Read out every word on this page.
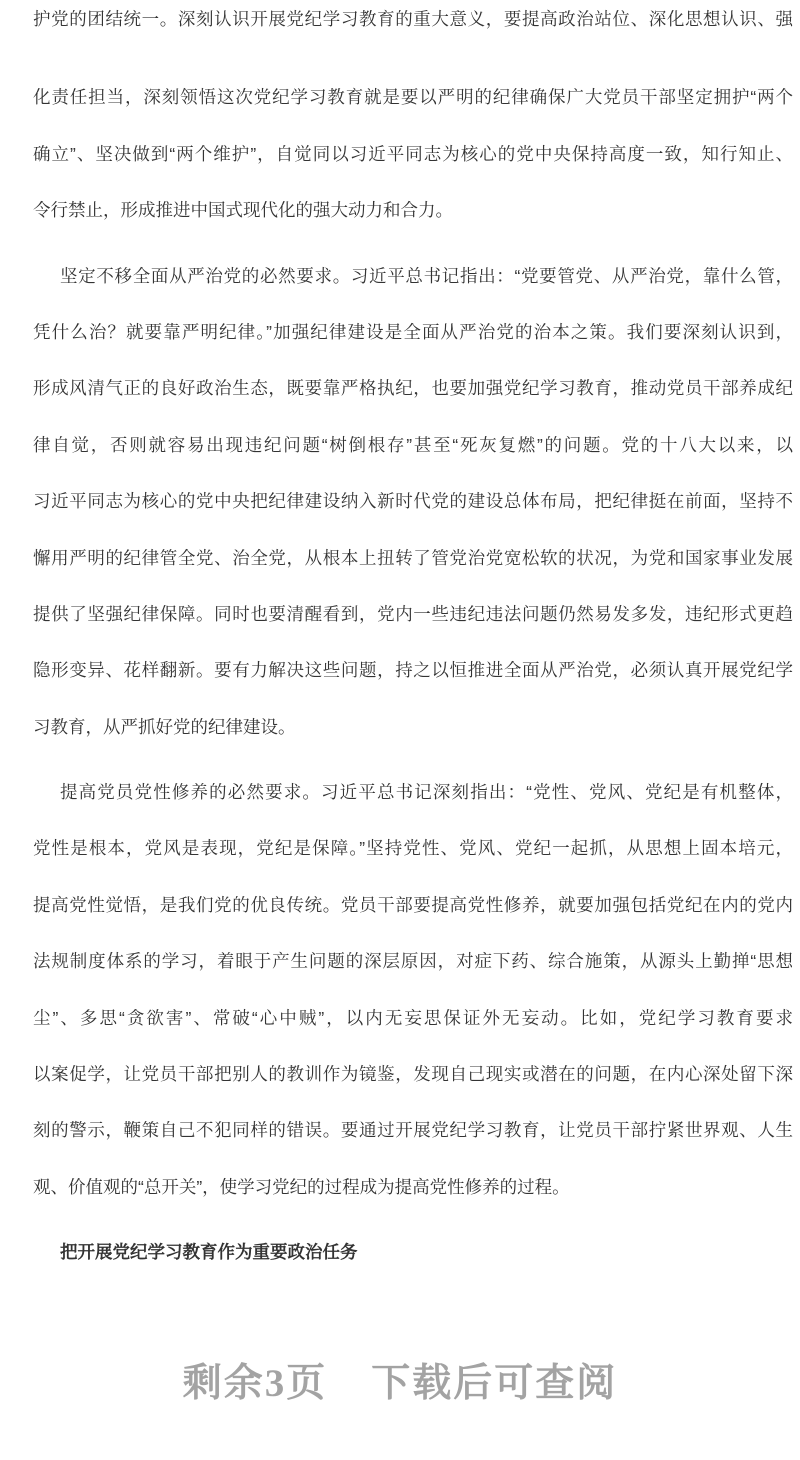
护党的团结统一。深刻认识开展党纪学习教育的重大意义，要提高政治站位、深化思想认识、强
化责任担当，深刻领悟这次党纪学习教育就是要以严明的纪律确保广大党员干部坚定拥护“两个
确立”、坚决做到“两个维护”，自觉同以习近平同志为核心的党中央保持高度一致，知行知止、
令行禁止，形成推进中国式现代化的强大动力和合力。
坚定不移全面从严治党的必然要求。习近平总书记指出：“党要管党、从严治党，靠什么管，
凭什么治？就要靠严明纪律。”加强纪律建设是全面从严治党的治本之策。我们要深刻认识到，
形成风清气正的良好政治生态，既要靠严格执纪，也要加强党纪学习教育，推动党员干部养成纪
律自觉，否则就容易出现违纪问题“树倒根存”甚至“死灰复燃”的问题。党的十八大以来，以
习近平同志为核心的党中央把纪律建设纳入新时代党的建设总体布局，把纪律挺在前面，坚持不
懈用严明的纪律管全党、治全党，从根本上扭转了管党治党宽松软的状况，为党和国家事业发展
提供了坚强纪律保障。同时也要清醒看到，党内一些违纪违法问题仍然易发多发，违纪形式更趋
隐形变异、花样翻新。要有力解决这些问题，持之以恒推进全面从严治党，必须认真开展党纪学
习教育，从严抓好党的纪律建设。
提高党员党性修养的必然要求。习近平总书记深刻指出：“党性、党风、党纪是有机整体，
党性是根本，党风是表现，党纪是保障。”坚持党性、党风、党纪一起抓，从思想上固本培元，
提高党性觉悟，是我们党的优良传统。党员干部要提高党性修养，就要加强包括党纪在内的党内
法规制度体系的学习，着眼于产生问题的深层原因，对症下药、综合施策，从源头上勤掸“思想
尘”、多思“贪欲害”、常破“心中贼”，以内无妄思保证外无妄动。比如，党纪学习教育要求
以案促学，让党员干部把别人的教训作为镜鉴，发现自己现实或潜在的问题，在内心深处留下深
刻的警示，鞭策自己不犯同样的错误。要通过开展党纪学习教育，让党员干部拧紧世界观、人生
观、价值观的“总开关”，使学习党纪的过程成为提高党性修养的过程。
把开展党纪学习教育作为重要政治任务
剩余3页 下载后可查阅
